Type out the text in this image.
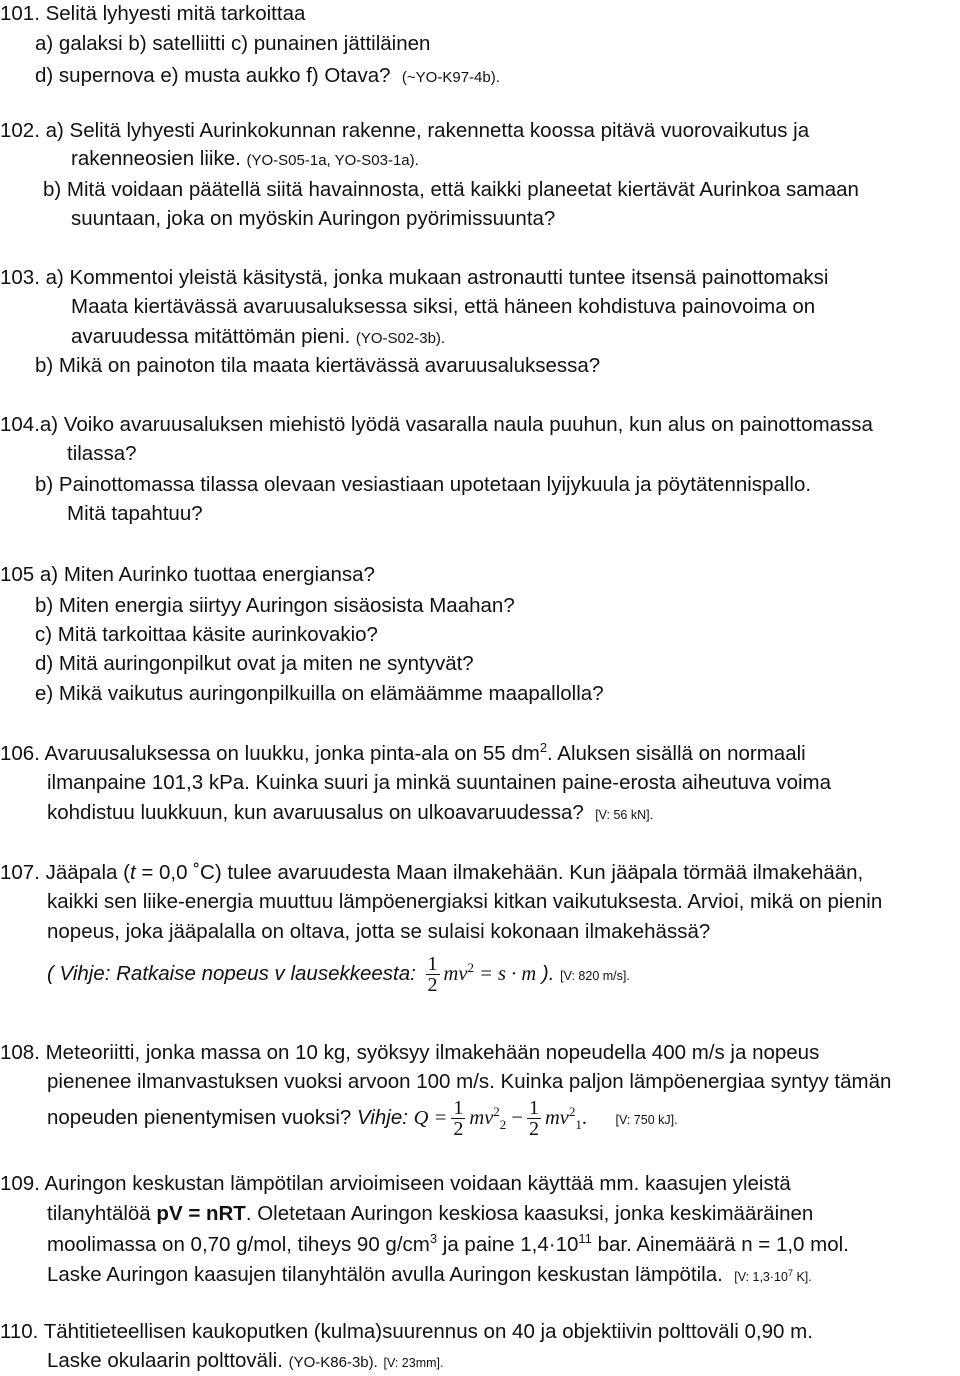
101. Selitä lyhyesti mitä tarkoittaa
a) galaksi b) satelliitti c) punainen jättiläinen
d) supernova e) musta aukko f) Otava? (~YO-K97-4b).
102. a) Selitä lyhyesti Aurinkokunnan rakenne, rakennetta koossa pitävä vuorovaikutus ja
rakenneosien liike. (YO-S05-1a, YO-S03-1a).
b) Mitä voidaan päätellä siitä havainnosta, että kaikki planeetat kiertävät Aurinkoa samaan
suuntaan, joka on myöskin Auringon pyörimissuunta?
103. a) Kommentoi yleistä käsitystä, jonka mukaan astronautti tuntee itsensä painottomaksi
Maata kiertävässä avaruusaluksessa siksi, että häneen kohdistuva painovoima on
avaruudessa mitättömän pieni. (YO-S02-3b).
b) Mikä on painoton tila maata kiertävässä avaruusaluksessa?
104.a) Voiko avaruusaluksen miehistö lyödä vasaralla naula puuhun, kun alus on painottomassa
tilassa?
b) Painottomassa tilassa olevaan vesiastiaan upotetaan lyijykuula ja pöytätennispallo.
Mitä tapahtuu?
105 a) Miten Aurinko tuottaa energiansa?
b) Miten energia siirtyy Auringon sisäosista Maahan?
c) Mitä tarkoittaa käsite aurinkovakio?
d) Mitä auringonpilkut ovat ja miten ne syntyvät?
e) Mikä vaikutus auringonpilkuilla on elämäämme maapallolla?
106. Avaruusaluksessa on luukku, jonka pinta-ala on 55 $dm^2$. Aluksen sisällä on normaali
ilmanpaine 101,3 kPa. Kuinka suuri ja minkä suuntainen paine-erosta aiheutuva voima
kohdistuu luukkuun, kun avaruusalus on ulkoavaruudessa? [V: 56 kN].
107. Jääpala (t = 0,0 ˚C) tulee avaruudesta Maan ilmakehään. Kun jääpala törmää ilmakehään,
kaikki sen liike-energia muuttuu lämpöenergiaksi kitkan vaikutuksesta. Arvioi, mikä on pienin
nopeus, joka jääpalalla on oltava, jotta se sulaisi kokonaan ilmakehässä?
( Vihje: Ratkaise nopeus v lausekkeesta: $\frac{1}{2} mv^2 = s \cdot m$ ). [V: 820 m/s].
108. Meteoriitti, jonka massa on 10 kg, syöksyy ilmakehään nopeudella 400 m/s ja nopeus
pienenee ilmanvastuksen vuoksi arvoon 100 m/s. Kuinka paljon lämpöenergiaa syntyy tämän
nopeuden pienentymisen vuoksi? Vihje: $Q = \frac{1}{2} mv^2_2 - \frac{1}{2} mv^2_1$. [V: 750 kJ].
109. Auringon keskustan lämpötilan arvioimiseen voidaan käyttää mm. kaasujen yleistä
tilanyhtälöä pV = nRT. Oletetaan Auringon keskiosa kaasuksi, jonka keskimääräinen
moolimassa on 0,70 g/mol, tiheys 90 $g/cm^3$ ja paine $1,4\cdot 10^{11}$ bar. Ainemäärä n = 1,0 mol.
Laske Auringon kaasujen tilanyhtälön avulla Auringon keskustan lämpötila. [V: $1,3\cdot 10^7$ K].
110. Tähtitieteellisen kaukoputken (kulma)suurennus on 40 ja objektiivin polttoväli 0,90 m.
Laske okulaarin polttoväli. (YO-K86-3b). [V: 23mm].
